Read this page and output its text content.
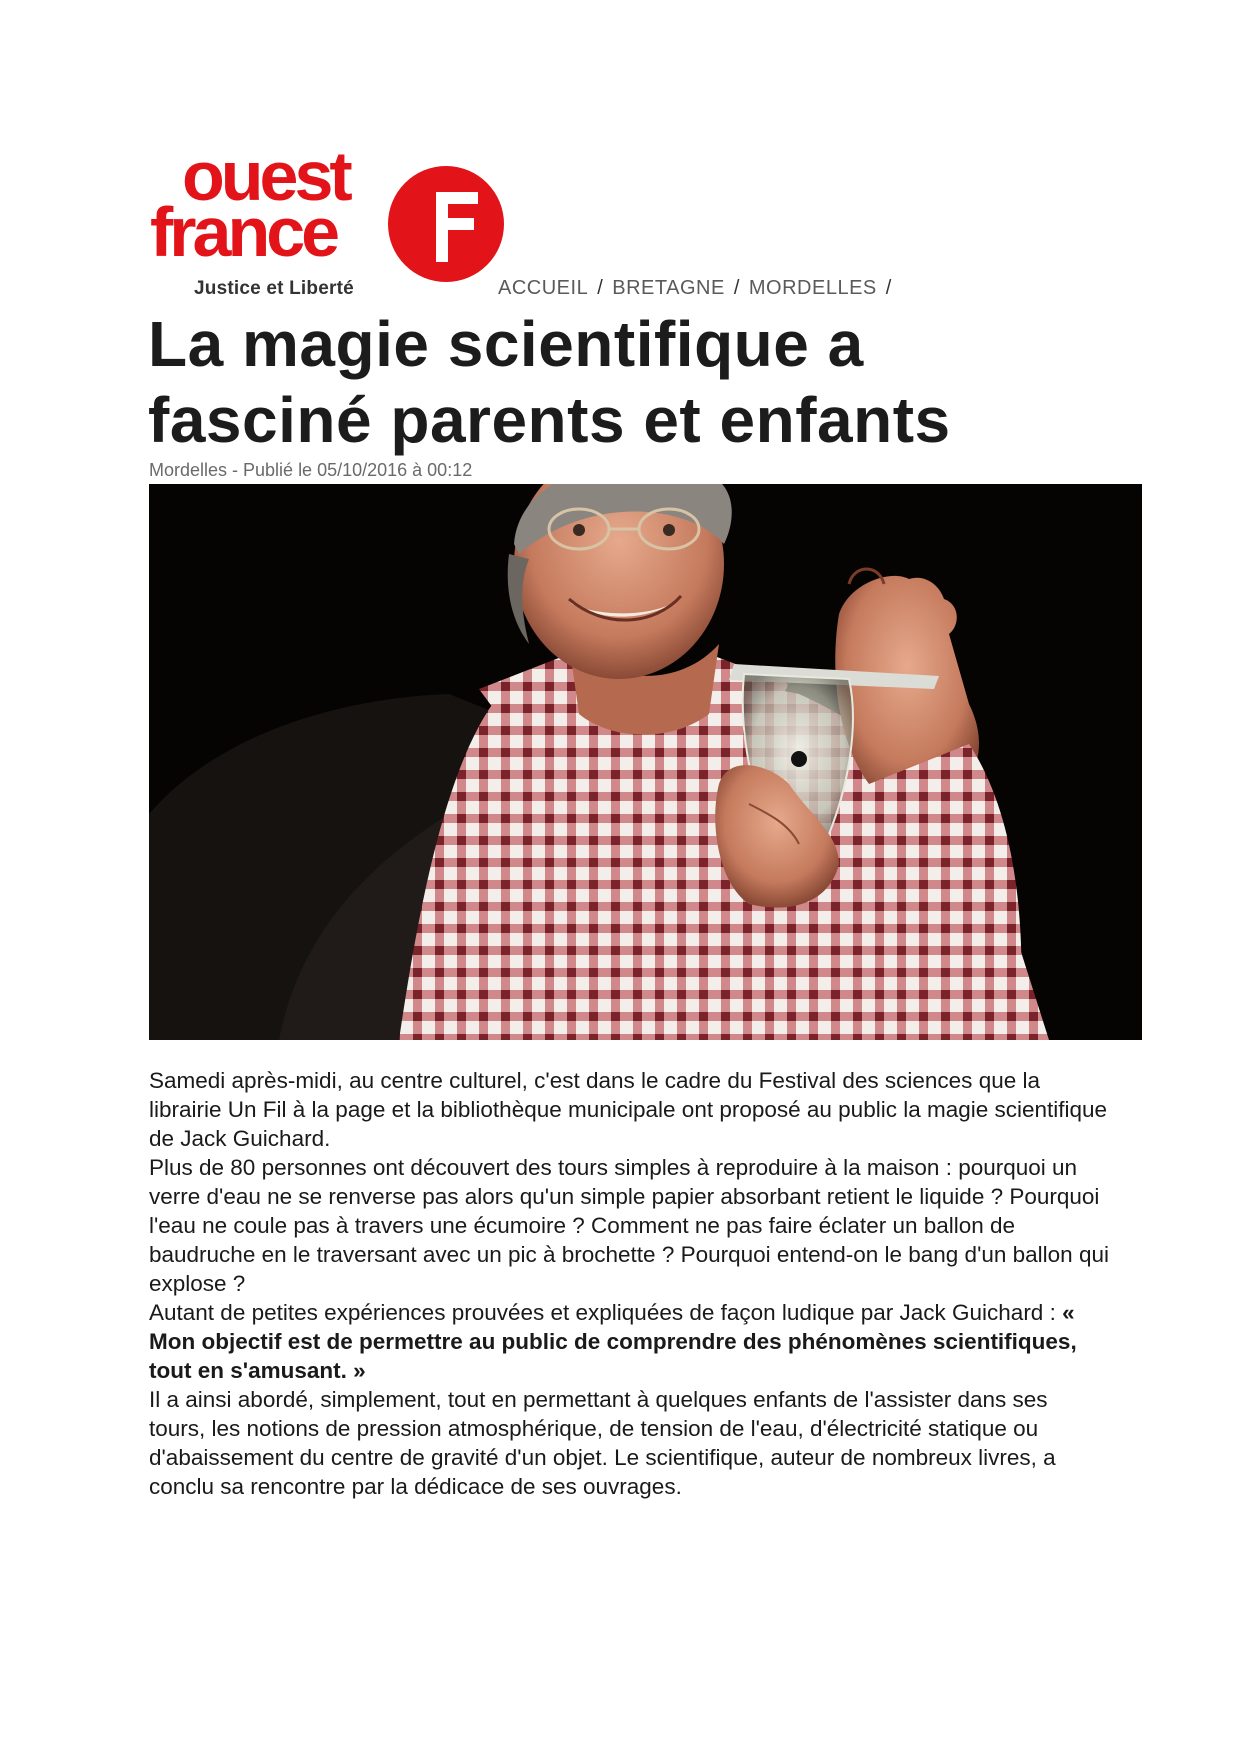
ouest
france
Justice et Liberté	ACCUEIL / BRETAGNE / MORDELLES /
La magie scientifique a
fasciné parents et enfants
Mordelles - Publié le 05/10/2016 à 00:12

Samedi après-midi, au centre culturel, c'est dans le cadre du Festival des sciences que la librairie Un Fil à la page et la bibliothèque municipale ont proposé au public la magie scientifique de Jack Guichard.

Plus de 80 personnes ont découvert des tours simples à reproduire à la maison : pourquoi un verre d'eau ne se renverse pas alors qu'un simple papier absorbant retient le liquide ? Pourquoi l'eau ne coule pas à travers une écumoire ? Comment ne pas faire éclater un ballon de baudruche en le traversant avec un pic à brochette ? Pourquoi entend-on le bang d'un ballon qui explose ?

Autant de petites expériences prouvées et expliquées de façon ludique par Jack Guichard : « Mon objectif est de permettre au public de comprendre des phénomènes scientifiques, tout en s'amusant. »

Il a ainsi abordé, simplement, tout en permettant à quelques enfants de l'assister dans ses tours, les notions de pression atmosphérique, de tension de l'eau, d'électricité statique ou d'abaissement du centre de gravité d'un objet. Le scientifique, auteur de nombreux livres, a conclu sa rencontre par la dédicace de ses ouvrages.
